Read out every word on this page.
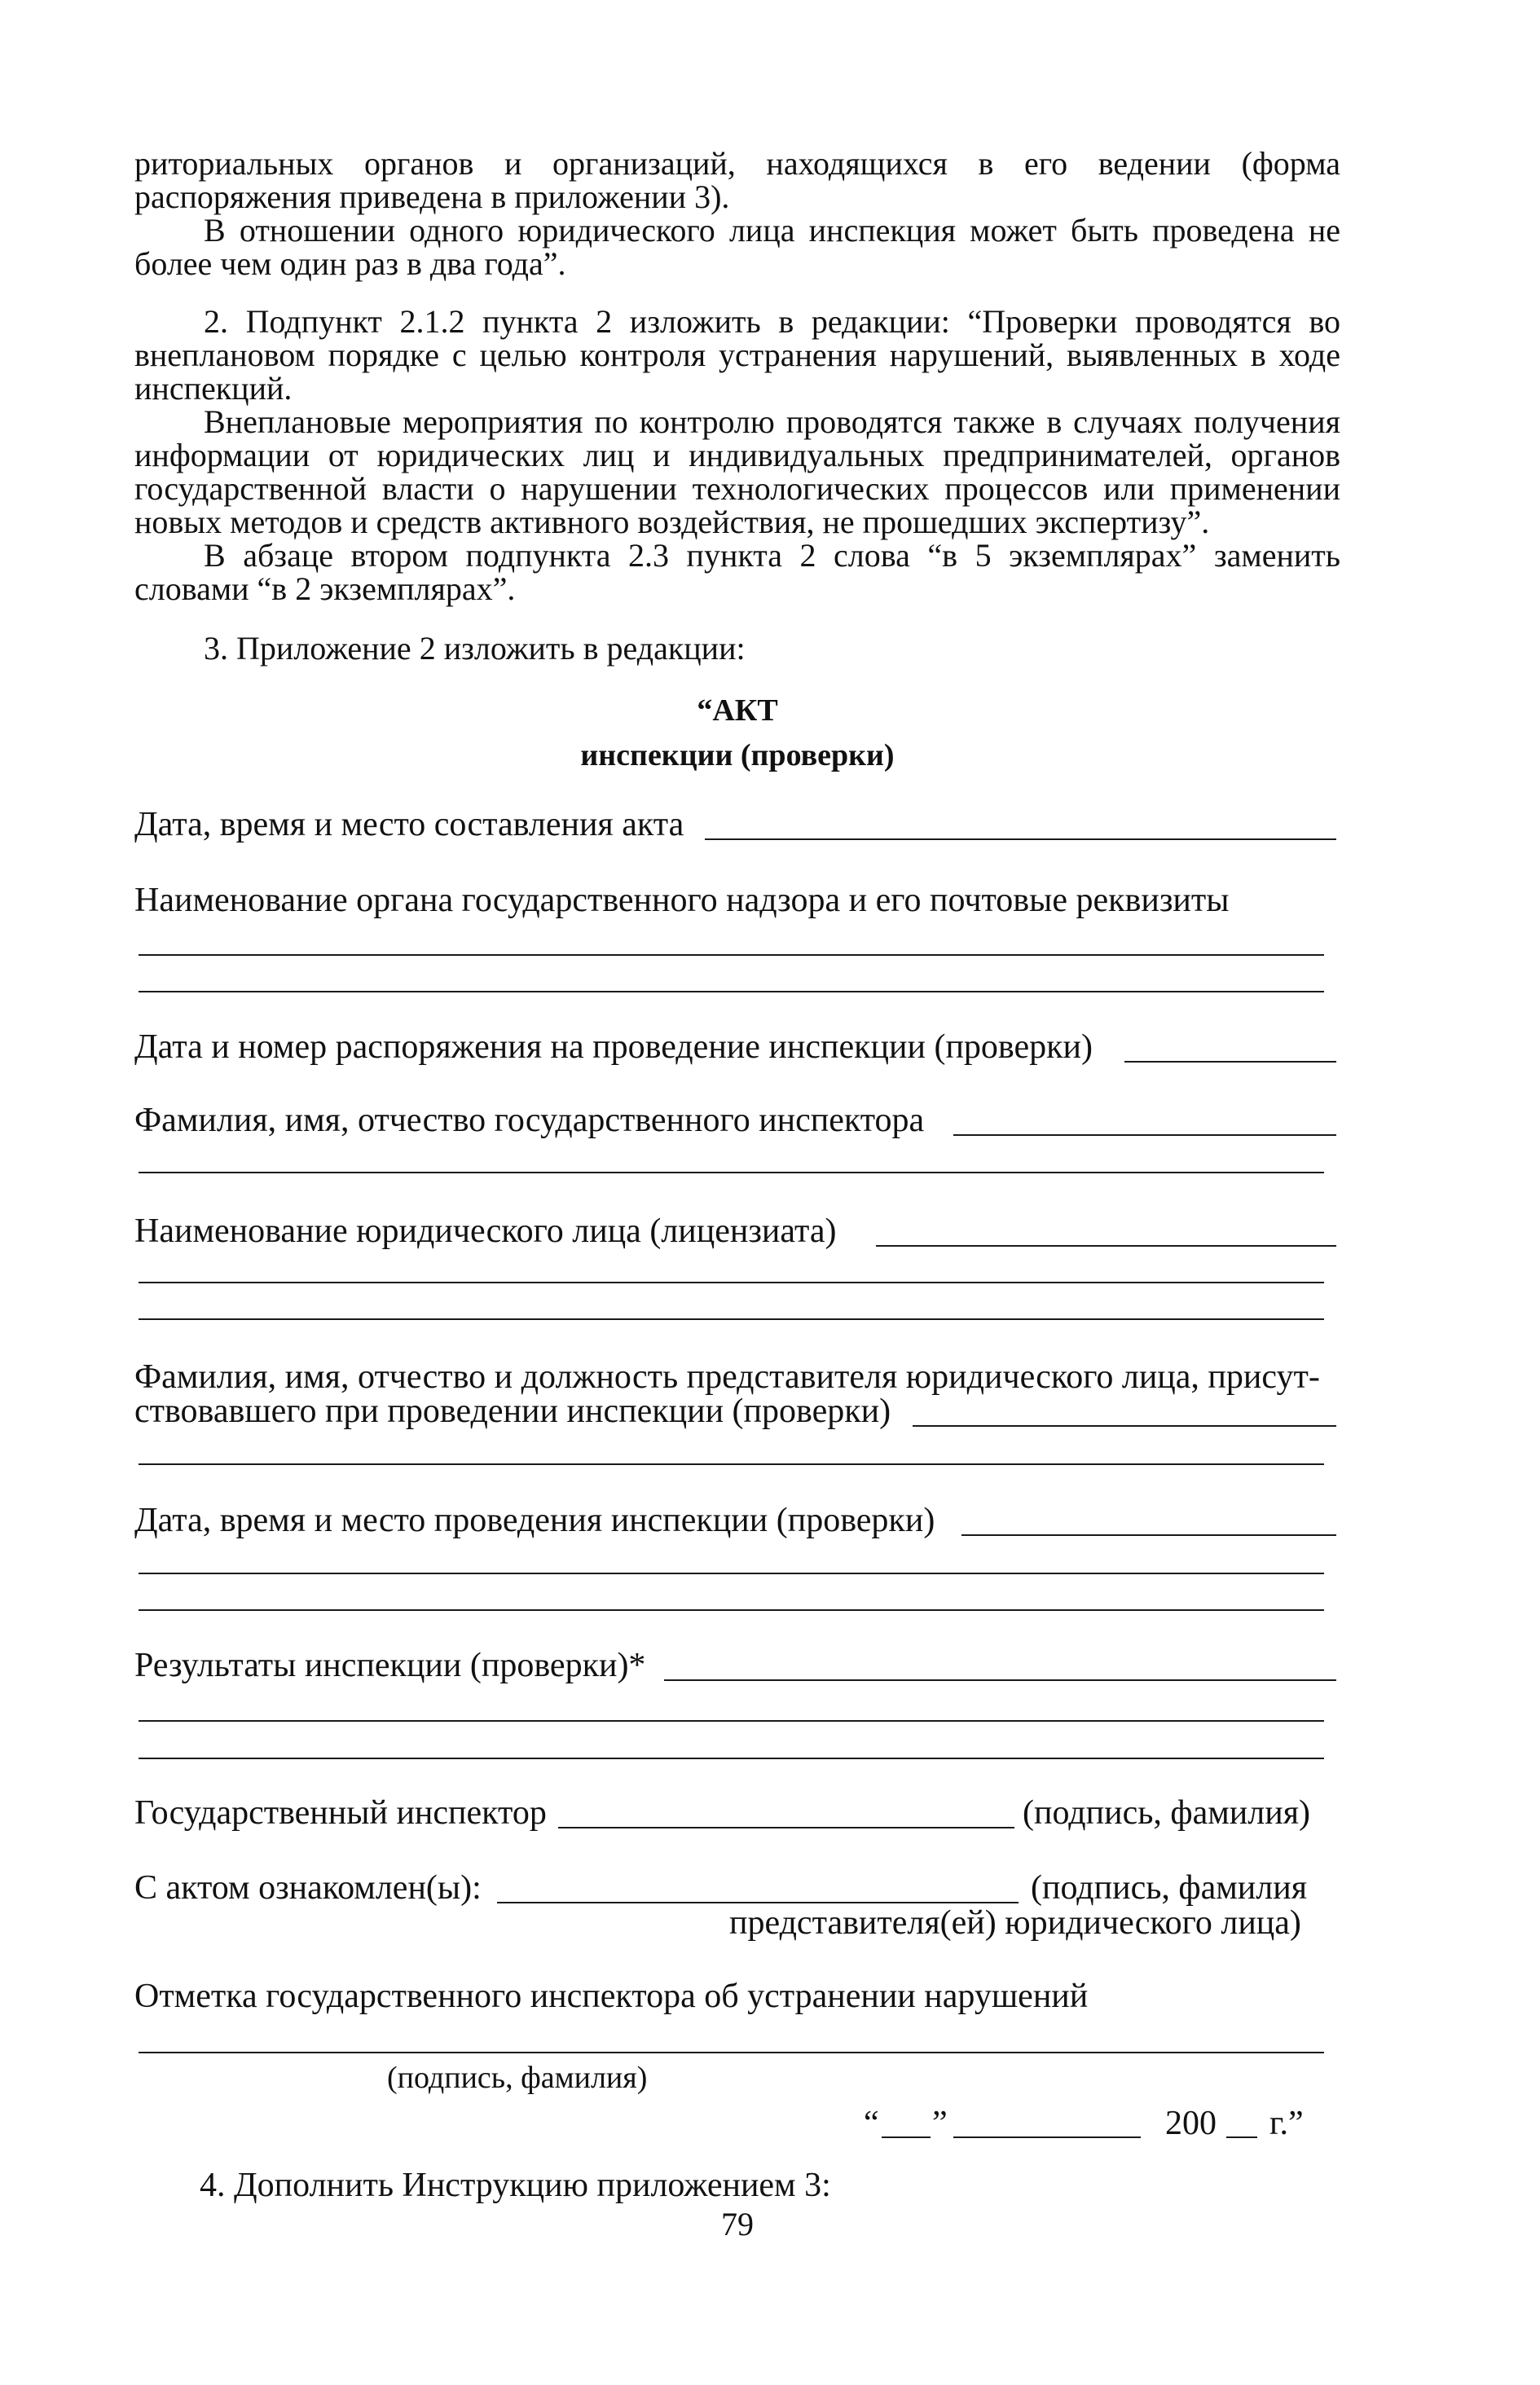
риториальных органов и организаций, находящихся в его ведении (форма распоряжения приведена в приложении 3).

В отношении одного юридического лица инспекция может быть проведена не более чем один раз в два года”.

2. Подпункт 2.1.2 пункта 2 изложить в редакции: “Проверки проводятся во внеплановом порядке с целью контроля устранения нарушений, выявленных в ходе инспекций.

Внеплановые мероприятия по контролю проводятся также в случаях получения информации от юридических лиц и индивидуальных предпринимателей, органов государственной власти о нарушении технологических процессов или применении новых методов и средств активного воздействия, не прошедших экспертизу”.

В абзаце втором подпункта 2.3 пункта 2 слова “в 5 экземплярах” заменить словами “в 2 экземплярах”.

3. Приложение 2 изложить в редакции:

“АКТ
инспекции (проверки)
Дата, время и место составления акта
Наименование органа государственного надзора и его почтовые реквизиты
Дата и номер распоряжения на проведение инспекции (проверки)
Фамилия, имя, отчество государственного инспектора
Наименование юридического лица (лицензиата)
Фамилия, имя, отчество и должность представителя юридического лица, присут-
ствовавшего при проведении инспекции (проверки)
Дата, время и место проведения инспекции (проверки)
Результаты инспекции (проверки)*
Государственный инспектор	(подпись, фамилия)
С актом ознакомлен(ы):	(подпись, фамилия
представителя(ей) юридического лица)
Отметка государственного инспектора об устранении нарушений
(подпись, фамилия)
“ ”	200 г.”
4. Дополнить Инструкцию приложением 3:
79
